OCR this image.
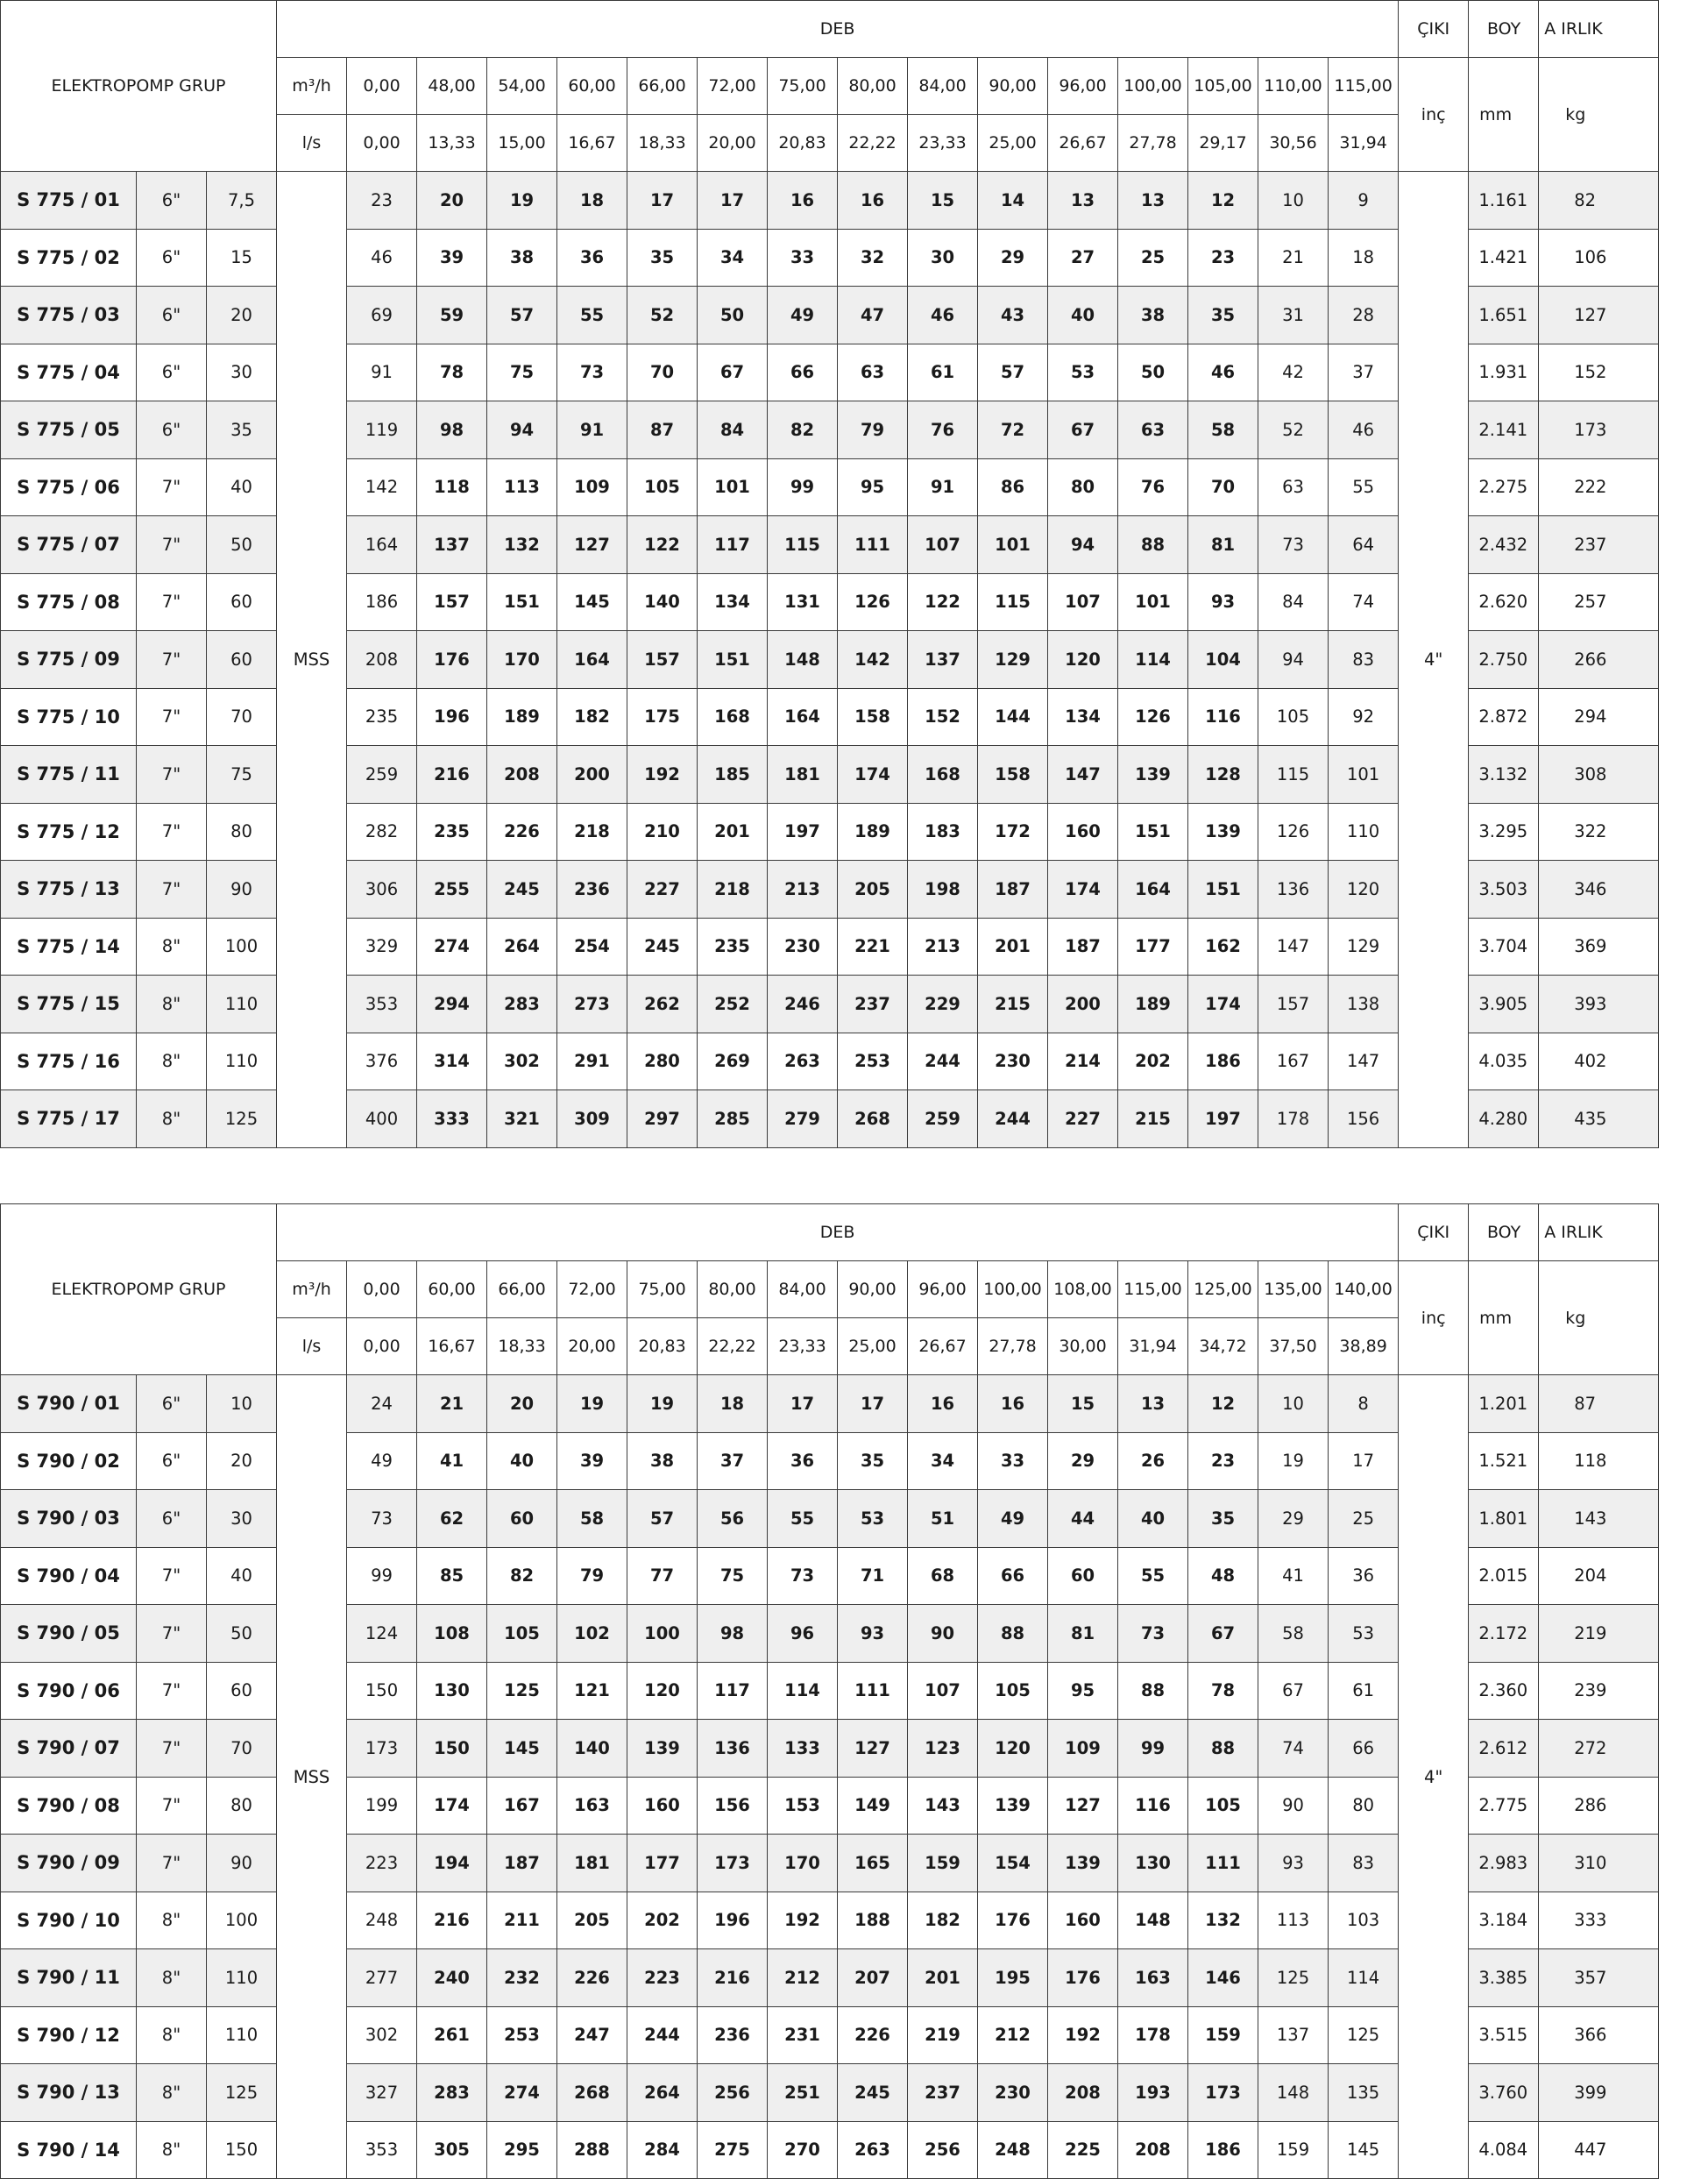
ELEKTROPOMP GRUP			DEB																ÇIKI	BOY	A IRLIK
			m³/h	0,00	48,00	54,00	60,00	66,00	72,00	75,00	80,00	84,00	90,00	96,00	100,00	105,00	110,00	115,00	inç	mm	kg
			l/s	0,00	13,33	15,00	16,67	18,33	20,00	20,83	22,22	23,33	25,00	26,67	27,78	29,17	30,56	31,94			
S 775 / 01	6"	7,5	MSS	23	20	19	18	17	17	16	16	15	14	13	13	12	10	9	4"	1.161	82
S 775 / 02	6"	15		46	39	38	36	35	34	33	32	30	29	27	25	23	21	18		1.421	106
S 775 / 03	6"	20		69	59	57	55	52	50	49	47	46	43	40	38	35	31	28		1.651	127
S 775 / 04	6"	30		91	78	75	73	70	67	66	63	61	57	53	50	46	42	37		1.931	152
S 775 / 05	6"	35		119	98	94	91	87	84	82	79	76	72	67	63	58	52	46		2.141	173
S 775 / 06	7"	40		142	118	113	109	105	101	99	95	91	86	80	76	70	63	55		2.275	222
S 775 / 07	7"	50		164	137	132	127	122	117	115	111	107	101	94	88	81	73	64		2.432	237
S 775 / 08	7"	60		186	157	151	145	140	134	131	126	122	115	107	101	93	84	74		2.620	257
S 775 / 09	7"	60		208	176	170	164	157	151	148	142	137	129	120	114	104	94	83		2.750	266
S 775 / 10	7"	70		235	196	189	182	175	168	164	158	152	144	134	126	116	105	92		2.872	294
S 775 / 11	7"	75		259	216	208	200	192	185	181	174	168	158	147	139	128	115	101		3.132	308
S 775 / 12	7"	80		282	235	226	218	210	201	197	189	183	172	160	151	139	126	110		3.295	322
S 775 / 13	7"	90		306	255	245	236	227	218	213	205	198	187	174	164	151	136	120		3.503	346
S 775 / 14	8"	100		329	274	264	254	245	235	230	221	213	201	187	177	162	147	129		3.704	369
S 775 / 15	8"	110		353	294	283	273	262	252	246	237	229	215	200	189	174	157	138		3.905	393
S 775 / 16	8"	110		376	314	302	291	280	269	263	253	244	230	214	202	186	167	147		4.035	402
S 775 / 17	8"	125		400	333	321	309	297	285	279	268	259	244	227	215	197	178	156		4.280	435
ELEKTROPOMP GRUP			DEB																ÇIKI	BOY	A IRLIK
			m³/h	0,00	60,00	66,00	72,00	75,00	80,00	84,00	90,00	96,00	100,00	108,00	115,00	125,00	135,00	140,00	inç	mm	kg
			l/s	0,00	16,67	18,33	20,00	20,83	22,22	23,33	25,00	26,67	27,78	30,00	31,94	34,72	37,50	38,89			
S 790 / 01	6"	10	MSS	24	21	20	19	19	18	17	17	16	16	15	13	12	10	8	4"	1.201	87
S 790 / 02	6"	20		49	41	40	39	38	37	36	35	34	33	29	26	23	19	17		1.521	118
S 790 / 03	6"	30		73	62	60	58	57	56	55	53	51	49	44	40	35	29	25		1.801	143
S 790 / 04	7"	40		99	85	82	79	77	75	73	71	68	66	60	55	48	41	36		2.015	204
S 790 / 05	7"	50		124	108	105	102	100	98	96	93	90	88	81	73	67	58	53		2.172	219
S 790 / 06	7"	60		150	130	125	121	120	117	114	111	107	105	95	88	78	67	61		2.360	239
S 790 / 07	7"	70		173	150	145	140	139	136	133	127	123	120	109	99	88	74	66		2.612	272
S 790 / 08	7"	80		199	174	167	163	160	156	153	149	143	139	127	116	105	90	80		2.775	286
S 790 / 09	7"	90		223	194	187	181	177	173	170	165	159	154	139	130	111	93	83		2.983	310
S 790 / 10	8"	100		248	216	211	205	202	196	192	188	182	176	160	148	132	113	103		3.184	333
S 790 / 11	8"	110		277	240	232	226	223	216	212	207	201	195	176	163	146	125	114		3.385	357
S 790 / 12	8"	110		302	261	253	247	244	236	231	226	219	212	192	178	159	137	125		3.515	366
S 790 / 13	8"	125		327	283	274	268	264	256	251	245	237	230	208	193	173	148	135		3.760	399
S 790 / 14	8"	150		353	305	295	288	284	275	270	263	256	248	225	208	186	159	145		4.084	447
